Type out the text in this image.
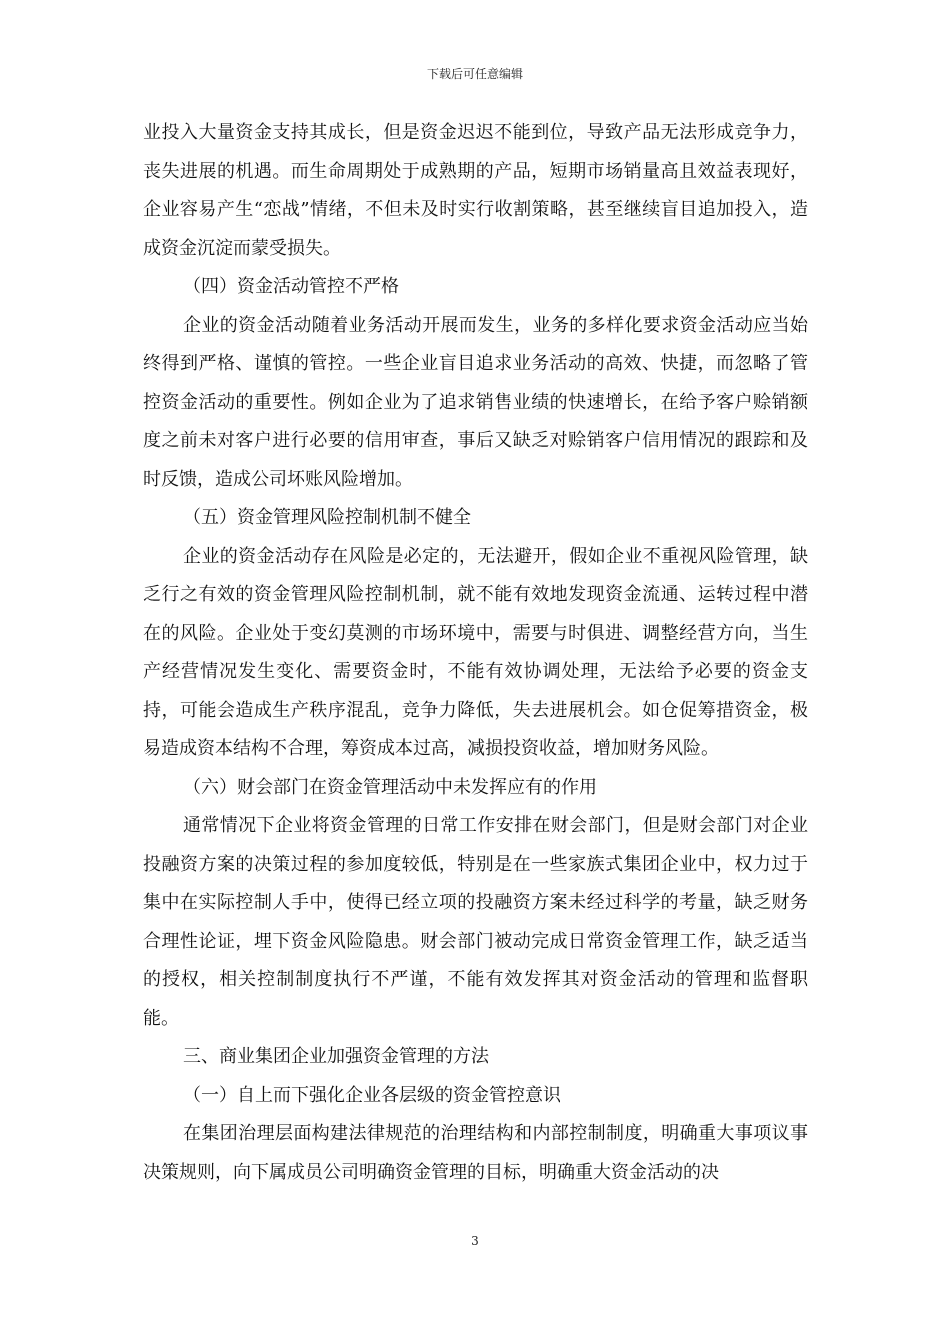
下载后可任意编辑

业投入大量资金支持其成长，但是资金迟迟不能到位，导致产品无法形成竞争力，丧失进展的机遇。而生命周期处于成熟期的产品，短期市场销量高且效益表现好，企业容易产生“恋战”情绪，不但未及时实行收割策略，甚至继续盲目追加投入，造成资金沉淀而蒙受损失。

（四）资金活动管控不严格

企业的资金活动随着业务活动开展而发生，业务的多样化要求资金活动应当始终得到严格、谨慎的管控。一些企业盲目追求业务活动的高效、快捷，而忽略了管控资金活动的重要性。例如企业为了追求销售业绩的快速增长，在给予客户赊销额度之前未对客户进行必要的信用审查，事后又缺乏对赊销客户信用情况的跟踪和及时反馈，造成公司坏账风险增加。

（五）资金管理风险控制机制不健全

企业的资金活动存在风险是必定的，无法避开，假如企业不重视风险管理，缺乏行之有效的资金管理风险控制机制，就不能有效地发现资金流通、运转过程中潜在的风险。企业处于变幻莫测的市场环境中，需要与时俱进、调整经营方向，当生产经营情况发生变化、需要资金时，不能有效协调处理，无法给予必要的资金支持，可能会造成生产秩序混乱，竞争力降低，失去进展机会。如仓促筹措资金，极易造成资本结构不合理，筹资成本过高，减损投资收益，增加财务风险。

（六）财会部门在资金管理活动中未发挥应有的作用

通常情况下企业将资金管理的日常工作安排在财会部门，但是财会部门对企业投融资方案的决策过程的参加度较低，特别是在一些家族式集团企业中，权力过于集中在实际控制人手中，使得已经立项的投融资方案未经过科学的考量，缺乏财务合理性论证，埋下资金风险隐患。财会部门被动完成日常资金管理工作，缺乏适当的授权，相关控制制度执行不严谨，不能有效发挥其对资金活动的管理和监督职能。

三、商业集团企业加强资金管理的方法

（一）自上而下强化企业各层级的资金管控意识

在集团治理层面构建法律规范的治理结构和内部控制制度，明确重大事项议事决策规则，向下属成员公司明确资金管理的目标，明确重大资金活动的决

3
